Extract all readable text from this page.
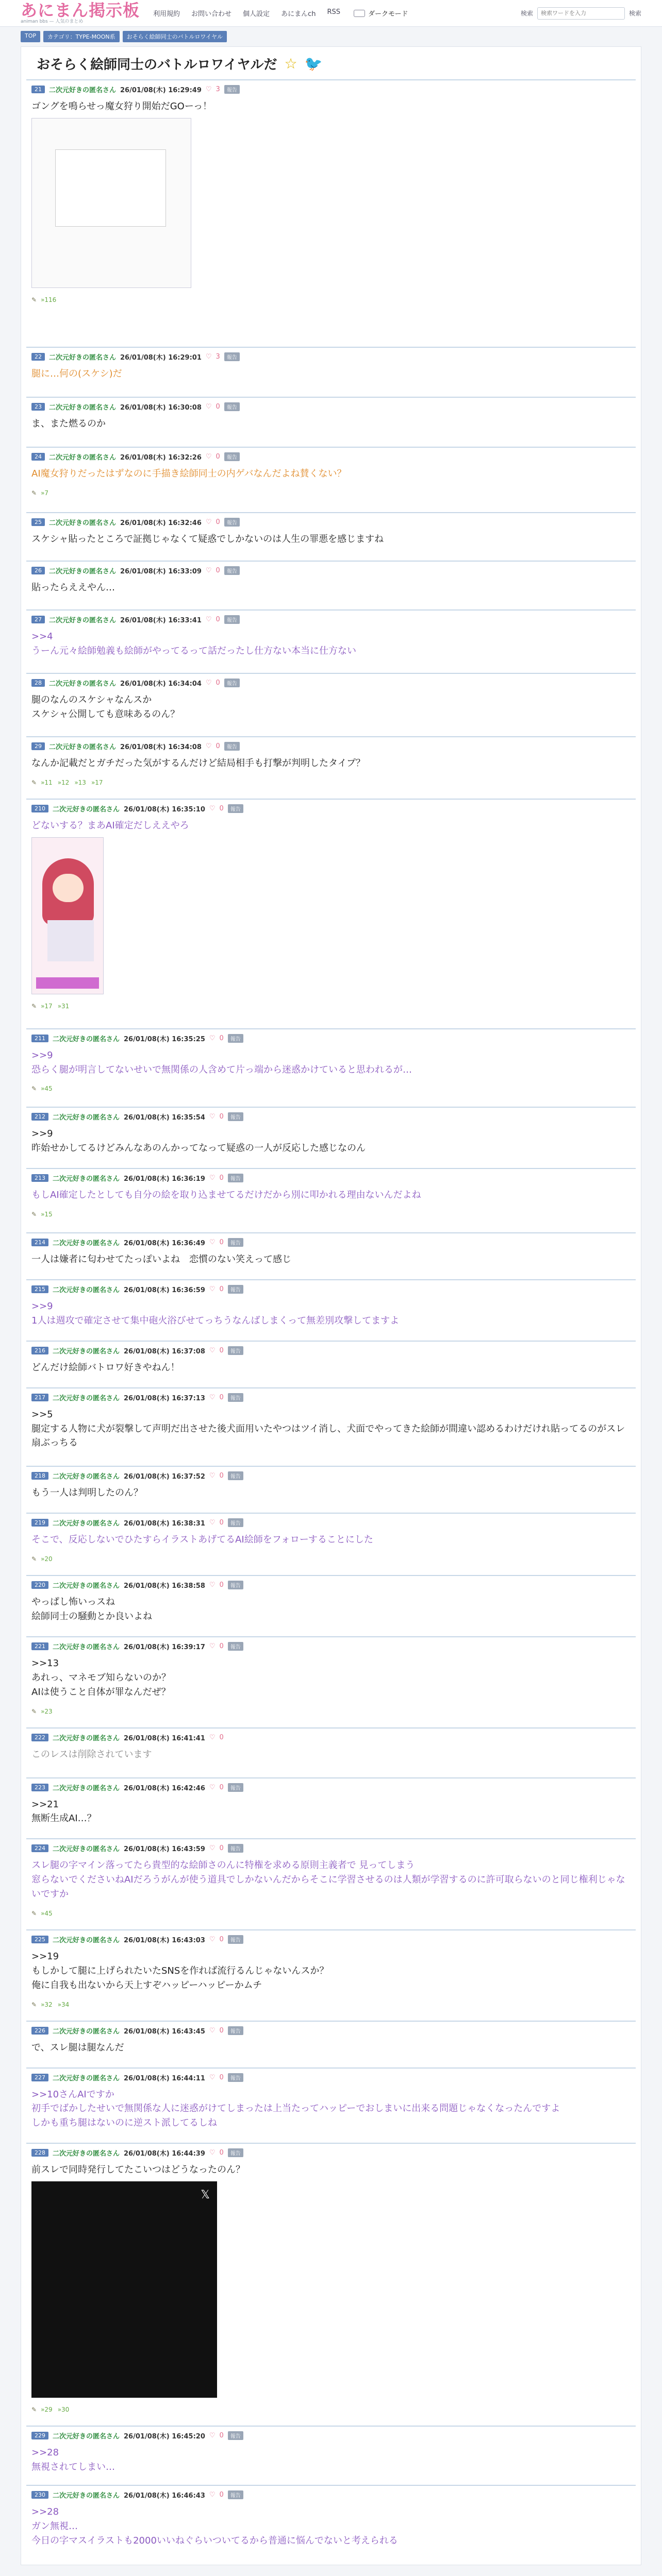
あにまん掲示板
animan bbs — 人気のまとめ
利用規約 お問い合わせ 個人設定 あにまんch RSS	ダークモード	検索
検索ワードを入力	検索
TOP	カテゴリ：TYPE-MOON系	おそらく絵師同士のバトルロワイヤル
おそらく絵師同士のバトルロワイヤルだ ☆ 🐦
21	二次元好きの匿名さん 26/01/08(木) 16:29:49 ♡ 3	報告
ゴングを鳴らせっ魔女狩り開始だGOーっ！
✎ »116
22	二次元好きの匿名さん 26/01/08(木) 16:29:01 ♡ 3	報告
腿に…何の(スケシ)だ
23	二次元好きの匿名さん 26/01/08(木) 16:30:08 ♡ 0	報告
ま、また燃るのか
24	二次元好きの匿名さん 26/01/08(木) 16:32:26 ♡ 0	報告
AI魔女狩りだったはずなのに手描き絵師同士の内ゲバなんだよね賛くない？
✎ »7
25	二次元好きの匿名さん 26/01/08(木) 16:32:46 ♡ 0	報告
スケシャ貼ったところで証拠じゃなくて疑惑でしかないのは人生の罪悪を感じますね
26	二次元好きの匿名さん 26/01/08(木) 16:33:09 ♡ 0	報告
貼ったらええやん…
27	二次元好きの匿名さん 26/01/08(木) 16:33:41 ♡ 0	報告
>>4
うーん元々絵師勉義も絵師がやってるって話だったし仕方ない本当に仕方ない
28	二次元好きの匿名さん 26/01/08(木) 16:34:04 ♡ 0	報告
腿のなんのスケシャなんスか
スケシャ公開しても意味あるのん？
29	二次元好きの匿名さん 26/01/08(木) 16:34:08 ♡ 0	報告
なんか記載だとガチだった気がするんだけど結局相手も打撃が判明したタイプ？
✎ »11 »12 »13 »17
210	二次元好きの匿名さん 26/01/08(木) 16:35:10 ♡ 0	報告
どないする？まあAI確定だしええやろ
✎ »17 »31
211	二次元好きの匿名さん 26/01/08(木) 16:35:25 ♡ 0	報告
>>9
恐らく腿が明言してないせいで無関係の人含めて片っ端から迷惑かけていると思われるが…
✎ »45
212	二次元好きの匿名さん 26/01/08(木) 16:35:54 ♡ 0	報告
>>9
昨始せかしてるけどみんなあのんかってなって疑惑の一人が反応した感じなのん
213	二次元好きの匿名さん 26/01/08(木) 16:36:19 ♡ 0	報告
もしAI確定したとしても自分の絵を取り込ませてるだけだから別に叩かれる理由ないんだよね
✎ »15
214	二次元好きの匿名さん 26/01/08(木) 16:36:49 ♡ 0	報告
一人は嫌者に匂わせてたっぽいよね　恋慣のない笑えって感じ
215	二次元好きの匿名さん 26/01/08(木) 16:36:59 ♡ 0	報告
>>9
1人は週攻で確定させて集中砲火浴びせてっちうなんばしまくって無差別攻撃してますよ
216	二次元好きの匿名さん 26/01/08(木) 16:37:08 ♡ 0	報告
どんだけ絵師バトロワ好きやねん！
217	二次元好きの匿名さん 26/01/08(木) 16:37:13 ♡ 0	報告
>>5
腿定する人物に犬が裂撃して声明だ出させた後犬面用いたやつはツイ消し、犬面でやってきた絵師が間違い認めるわけだけれ貼ってるのがスレ扇ぶっちる
218	二次元好きの匿名さん 26/01/08(木) 16:37:52 ♡ 0	報告
もう一人は判明したのん？
219	二次元好きの匿名さん 26/01/08(木) 16:38:31 ♡ 0	報告
そこで、反応しないでひたすらイラストあげてるAI絵師をフォローすることにした
✎ »20
220	二次元好きの匿名さん 26/01/08(木) 16:38:58 ♡ 0	報告
やっぱし怖いっスね
絵師同士の騒動とか良いよね
221	二次元好きの匿名さん 26/01/08(木) 16:39:17 ♡ 0	報告
>>13
あれっ、マネモブ知らないのか？
AIは使うこと自体が罪なんだぜ？
✎ »23
222	二次元好きの匿名さん 26/01/08(木) 16:41:41 ♡ 0
このレスは削除されています
223	二次元好きの匿名さん 26/01/08(木) 16:42:46 ♡ 0	報告
>>21
無断生成AI…？
224	二次元好きの匿名さん 26/01/08(木) 16:43:59 ♡ 0	報告
スレ腿の字マイン落ってたら貴型的な絵師さのんに特権を求める原則主義者で 見ってしまう
窓らないでくださいねAIだろうがんが使う道具でしかないんだからそこに学習させるのは人類が学習するのに許可取らないのと同じ権利じゃないですか
✎ »45
225	二次元好きの匿名さん 26/01/08(木) 16:43:03 ♡ 0	報告
>>19
もしかして腿に上げられたいたSNSを作れば流行るんじゃないんスか？
俺に自我も出ないから天上すぞハッピーハッピーかムチ
✎ »32 »34
226	二次元好きの匿名さん 26/01/08(木) 16:43:45 ♡ 0	報告
で、スレ腿は腿なんだ
227	二次元好きの匿名さん 26/01/08(木) 16:44:11 ♡ 0	報告
>>10さんAIですか
初手でばかしたせいで無関係な人に迷惑がけてしまったは上当たってハッピーでおしまいに出来る問題じゃなくなったんですよ
しかも重ち腿はないのに逆スト派してるしね
228	二次元好きの匿名さん 26/01/08(木) 16:44:39 ♡ 0	報告
前スレで同時発行してたこいつはどうなったのん？
𝕏
✎ »29 »30
229	二次元好きの匿名さん 26/01/08(木) 16:45:20 ♡ 0	報告
>>28
無視されてしまい…
230	二次元好きの匿名さん 26/01/08(木) 16:46:43 ♡ 0	報告
>>28
ガン無視…
今日の字マスイラストも2000いいねぐらいついてるから普通に悩んでないと考えられる
